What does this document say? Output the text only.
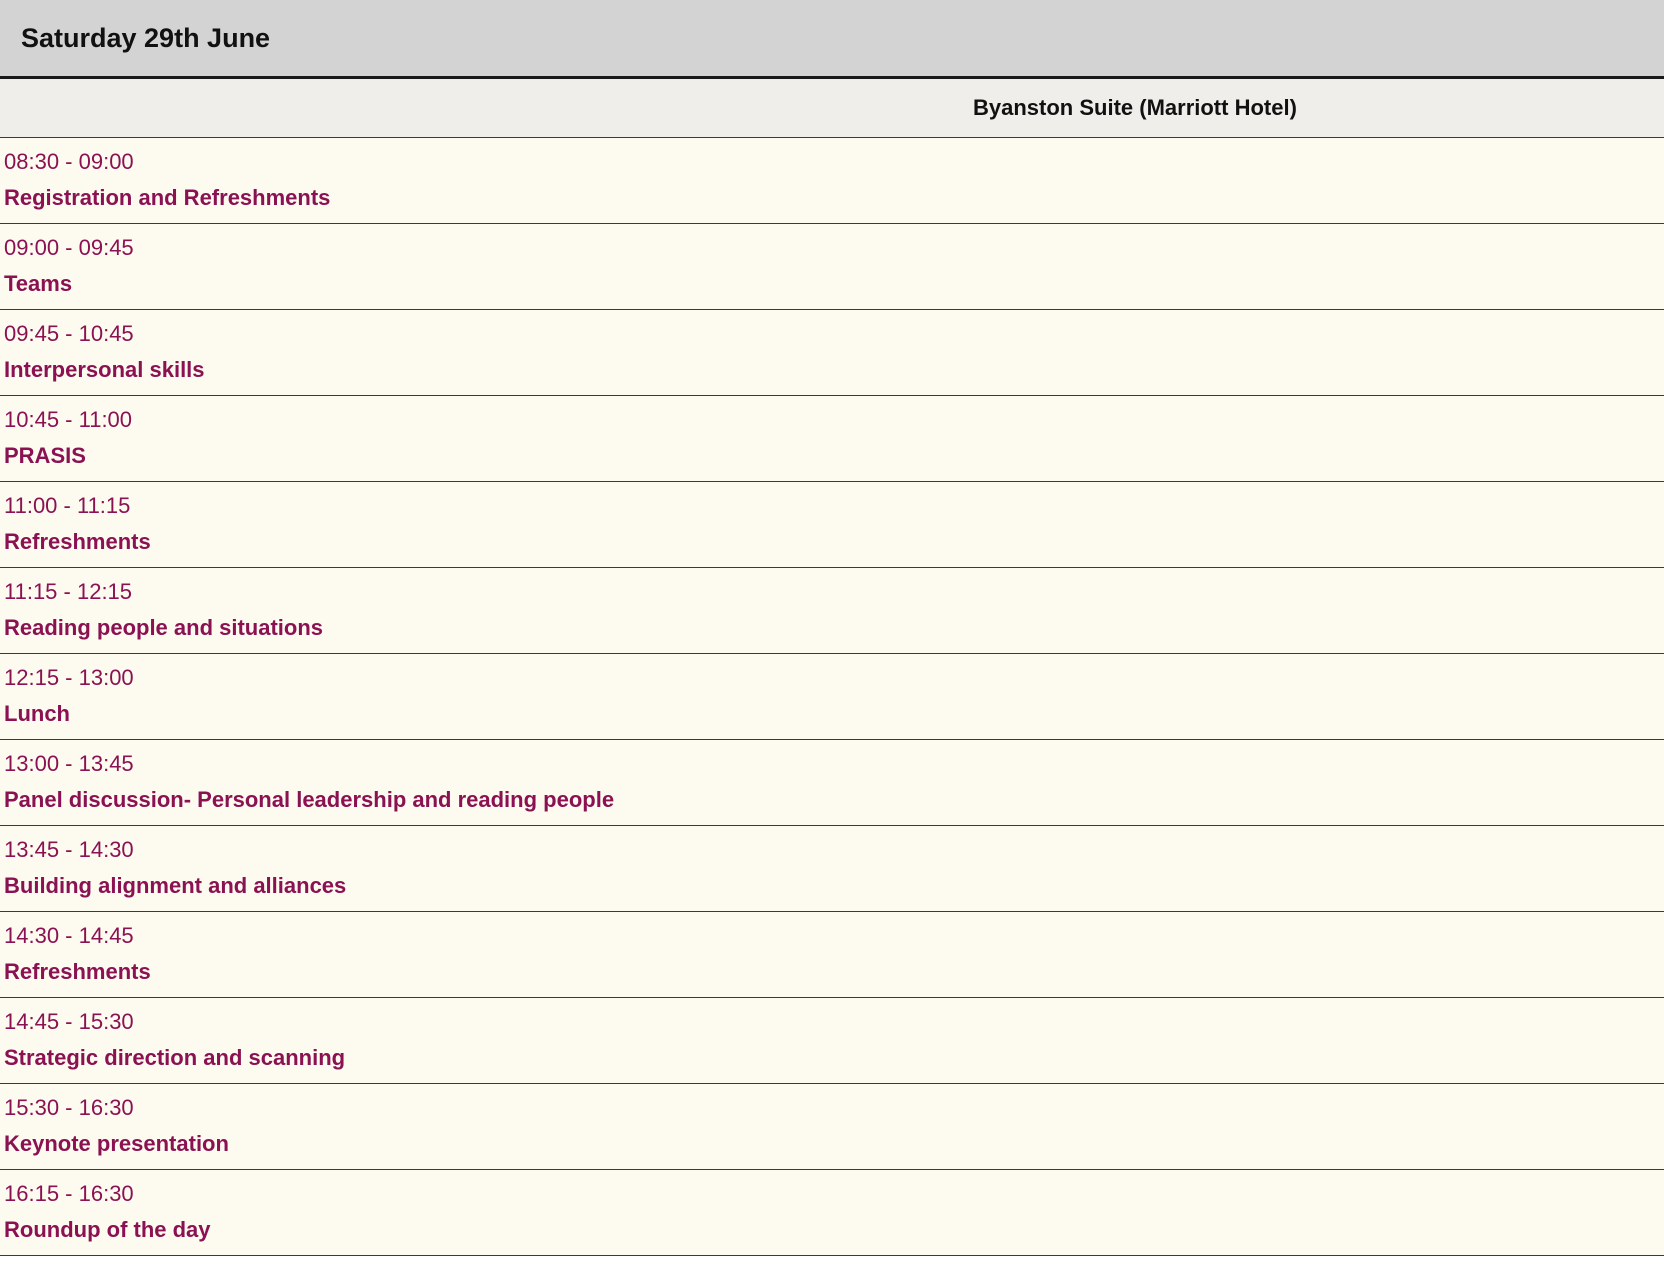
Saturday 29th June
Byanston Suite (Marriott Hotel)
08:30 - 09:00
Registration and Refreshments
09:00 - 09:45
Teams
09:45 - 10:45
Interpersonal skills
10:45 - 11:00
PRASIS
11:00 - 11:15
Refreshments
11:15 - 12:15
Reading people and situations
12:15 - 13:00
Lunch
13:00 - 13:45
Panel discussion- Personal leadership and reading people
13:45 - 14:30
Building alignment and alliances
14:30 - 14:45
Refreshments
14:45 - 15:30
Strategic direction and scanning
15:30 - 16:30
Keynote presentation
16:15 - 16:30
Roundup of the day
